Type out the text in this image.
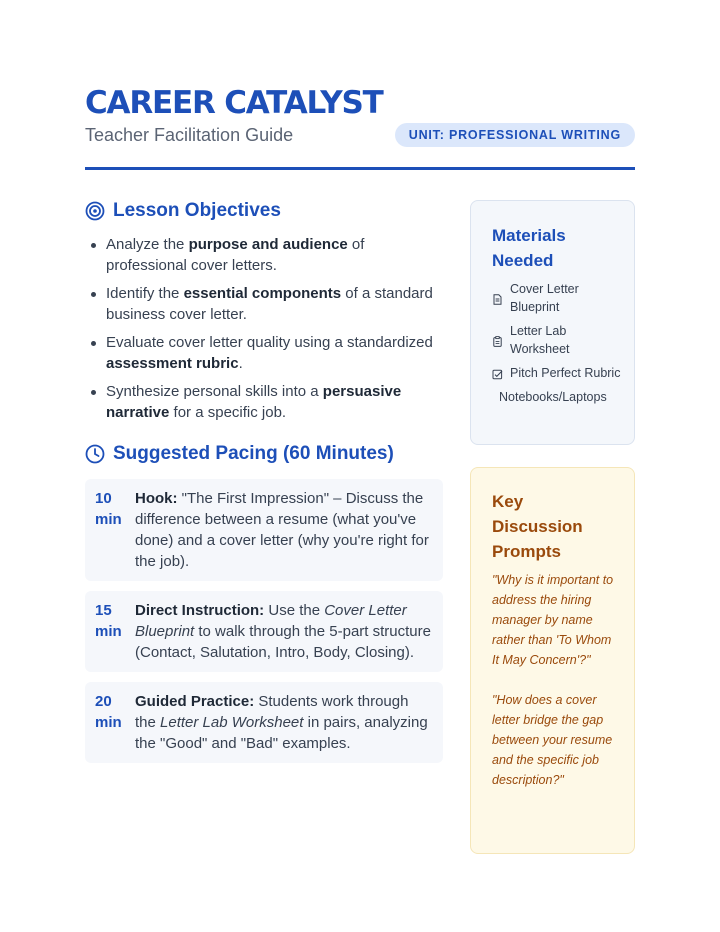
CAREER CATALYST
Teacher Facilitation Guide	UNIT: PROFESSIONAL WRITING
Lesson Objectives
Analyze the purpose and audience of professional cover letters.
Identify the essential components of a standard business cover letter.
Evaluate cover letter quality using a standardized assessment rubric.
Synthesize personal skills into a persuasive narrative for a specific job.
Suggested Pacing (60 Minutes)
10 min
Hook: "The First Impression" – Discuss the difference between a resume (what you've done) and a cover letter (why you're right for the job).
15 min
Direct Instruction: Use the Cover Letter Blueprint to walk through the 5-part structure (Contact, Salutation, Intro, Body, Closing).
20 min
Guided Practice: Students work through the Letter Lab Worksheet in pairs, analyzing the "Good" and "Bad" examples.
Materials Needed
Cover Letter Blueprint
Letter Lab Worksheet
Pitch Perfect Rubric
Notebooks/Laptops
Key Discussion Prompts
"Why is it important to address the hiring manager by name rather than 'To Whom It May Concern'?"
"How does a cover letter bridge the gap between your resume and the specific job description?"
